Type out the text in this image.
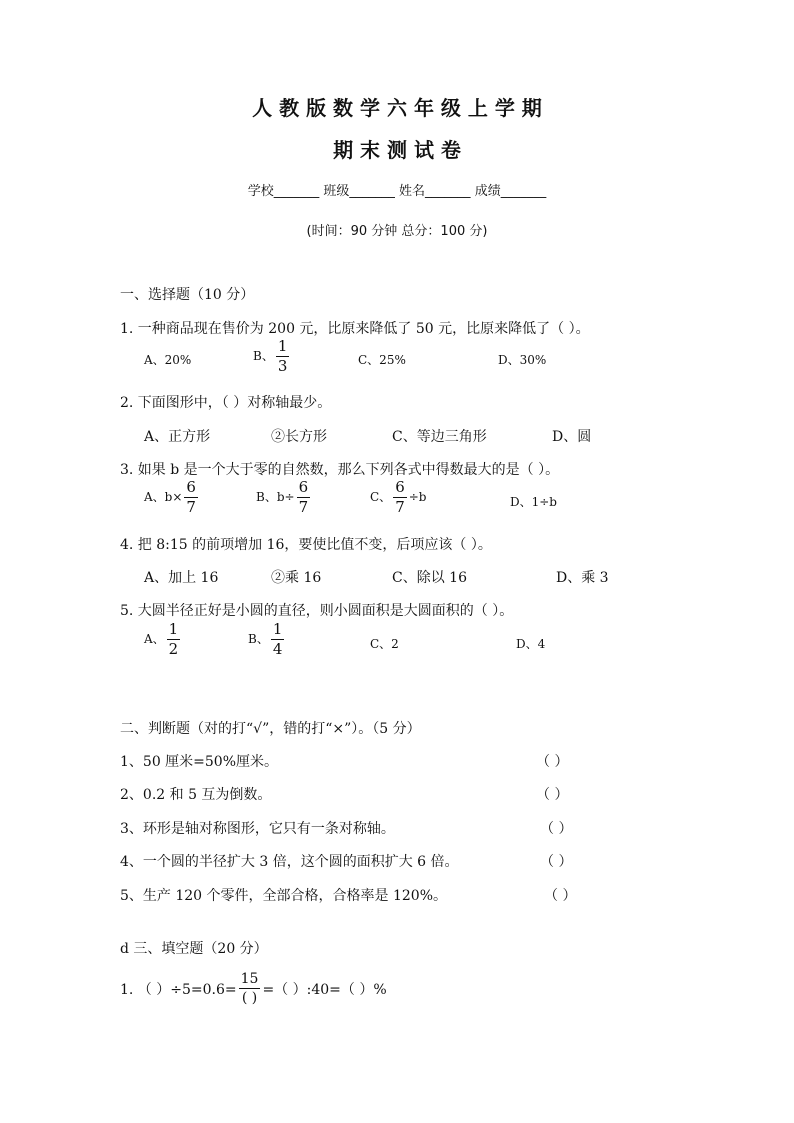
人 教 版 数 学 六 年 级 上 学 期
期 末 测 试 卷
学校_______ 班级_______ 姓名_______ 成绩_______
(时间：90 分钟 总分：100 分)
一、选择题（10 分）
1. 一种商品现在售价为 200 元，比原来降低了 50 元，比原来降低了（ ）。
A、20%	B、 $\frac{1}{3}$	C、25%	D、30%
2. 下面图形中，（ ）对称轴最少。
A、正方形	②长方形	C、等边三角形	D、圆
3. 如果 b 是一个大于零的自然数，那么下列各式中得数最大的是（ ）。
A、$b\times \frac{6}{7}$	B、$b\div \frac{6}{7}$	C、 $\frac{6}{7} \div b$	D、1÷b
4. 把 8:15 的前项增加 16，要使比值不变，后项应该（ ）。
A、加上 16	②乘 16	C、除以 16	D、乘 3
5. 大圆半径正好是小圆的直径，则小圆面积是大圆面积的（ ）。
A、 $\frac{1}{2}$	B、 $\frac{1}{4}$	C、2	D、4
二、判断题（对的打“√”，错的打“×”）。（5 分）
1、50 厘米=50%厘米。	（ ）
2、0.2 和 5 互为倒数。	（ ）
3、环形是轴对称图形，它只有一条对称轴。	（ ）
4、一个圆的半径扩大 3 倍，这个圆的面积扩大 6 倍。	（ ）
5、生产 120 个零件，全部合格，合格率是 120%。	（ ）
d 三、填空题（20 分）
1. （ ）$\div 5=0.6= \frac{15}{( )}$ =（ ）:40=（ ）%
